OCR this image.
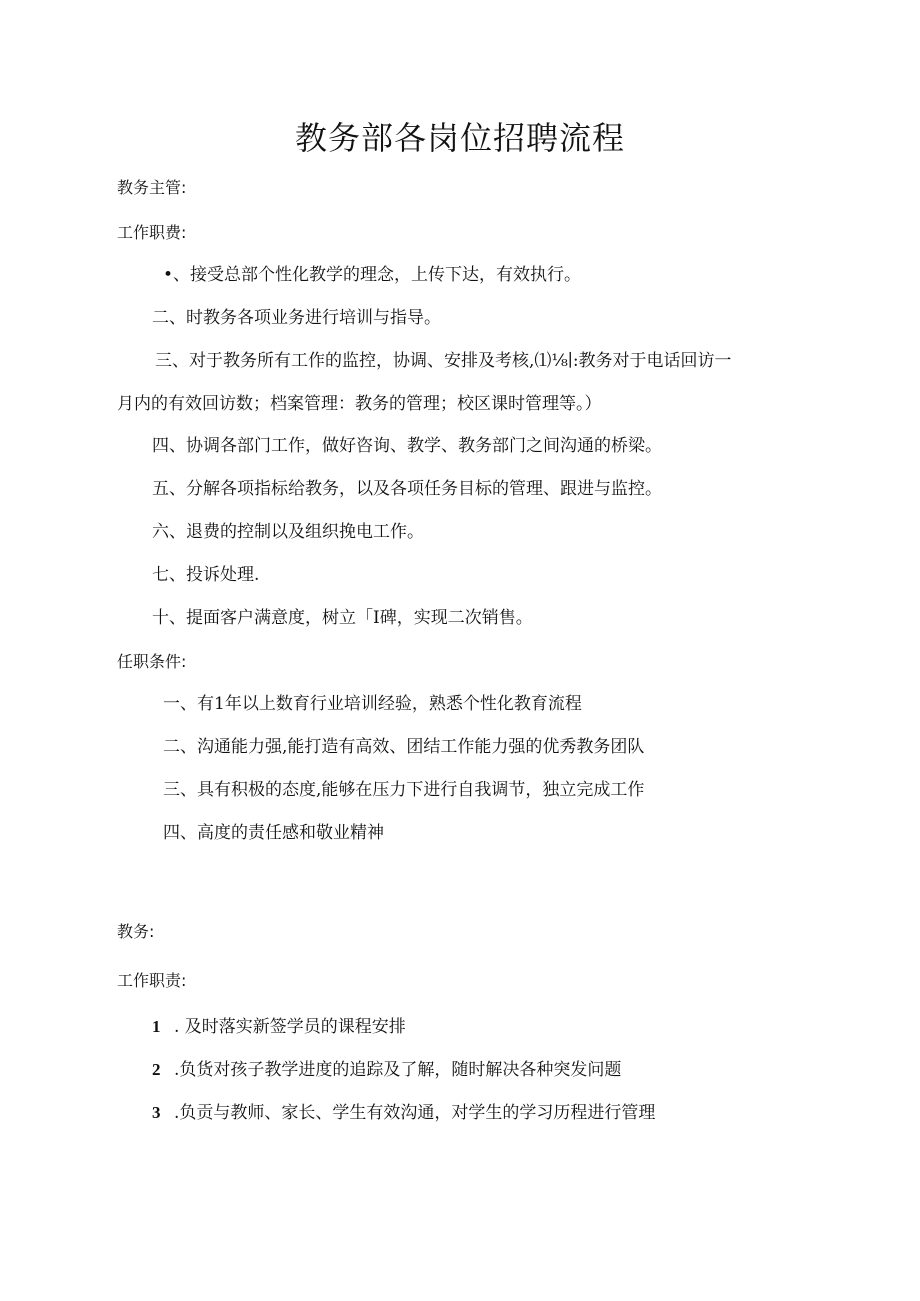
教务部各岗位招聘流程
教务主管:
工作职费:
•、接受总部个性化教学的理念，上传下达，有效执行。
二、时教务各项业务进行培训与指导。
三、对于教务所有工作的监控，协调、安排及考核,⑴⅛∣:教务对于电话回访一
月内的有效回访数；档案管理：教务的管理；校区课时管理等。）
四、协调各部门工作，做好咨询、教学、教务部门之间沟通的桥梁。
五、分解各项指标给教务，以及各项任务目标的管理、跟进与监控。
六、退费的控制以及组织挽电工作。
七、投诉处理.
十、提面客户满意度，树立「I碑，实现二次销售。
任职条件:
一、有1年以上数育行业培训经验，熟悉个性化教育流程
二、沟通能力强,能打造有高效、团结工作能力强的优秀教务团队
三、具有积极的态度,能够在压力下进行自我调节，独立完成工作
四、高度的责任感和敬业精神
教务:
工作职责:
1 . 及时落实新签学员的课程安排
2 .负货对孩子教学进度的追踪及了解，随时解决各种突发问题
3 .负贡与教师、家长、学生有效沟通，对学生的学习历程进行管理
